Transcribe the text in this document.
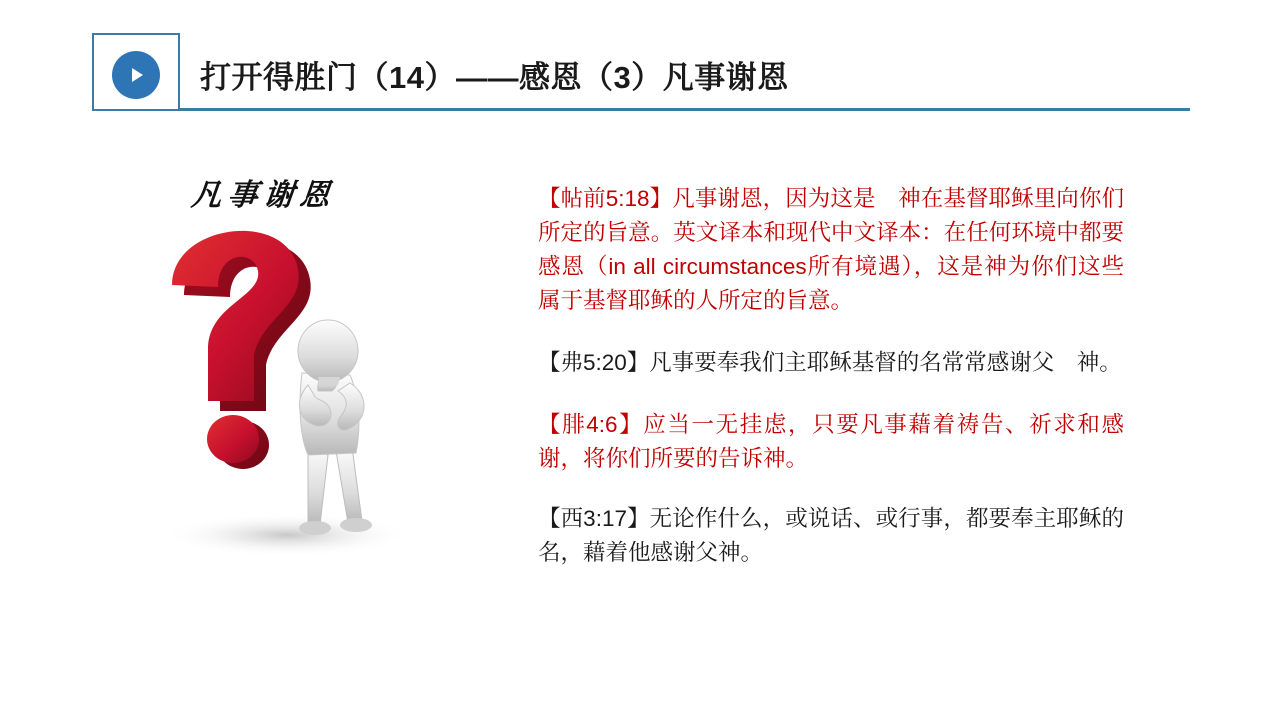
打开得胜门（14）——感恩（3）凡事谢恩
凡事谢恩	【帖前5:18】凡事谢恩，因为这是　神在基督耶稣里向你们所定的旨意。英文译本和现代中文译本：在任何环境中都要感恩（in all circumstances所有境遇），这是神为你们这些属于基督耶稣的人所定的旨意。
【弗5:20】凡事要奉我们主耶稣基督的名常常感谢父　神。
【腓4:6】应当一无挂虑，只要凡事藉着祷告、祈求和感谢，将你们所要的告诉神。
【西3:17】无论作什么，或说话、或行事，都要奉主耶稣的名，藉着他感谢父神。
